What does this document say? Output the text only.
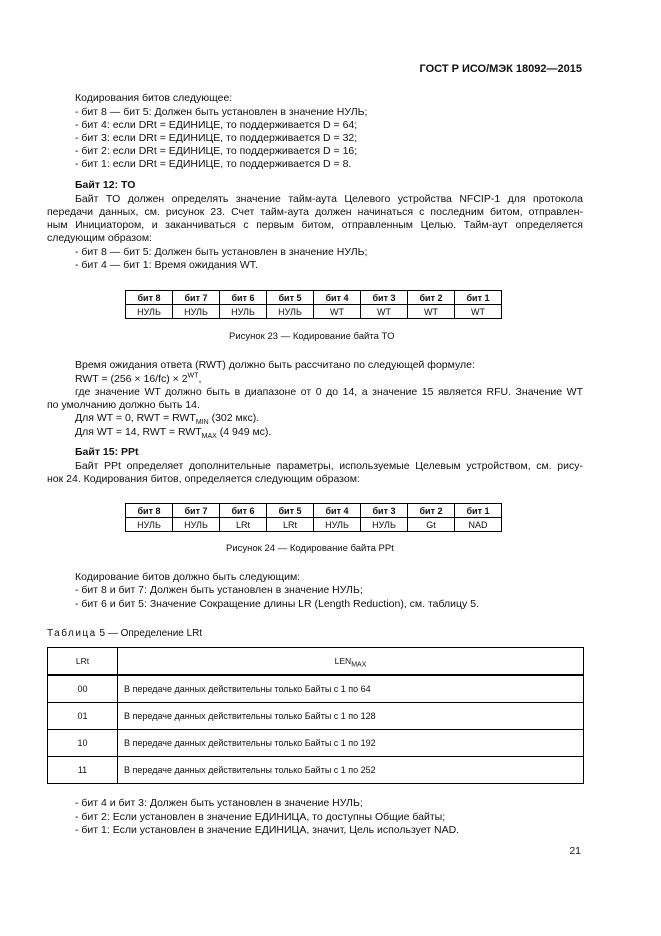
ГОСТ Р ИСО/МЭК 18092—2015
Кодирования битов следующее:
- бит 8 — бит 5: Должен быть установлен в значение НУЛЬ;
- бит 4: если DRt = ЕДИНИЦЕ, то поддерживается D = 64;
- бит 3: если DRt = ЕДИНИЦЕ, то поддерживается D = 32;
- бит 2: если DRt = ЕДИНИЦЕ, то поддерживается D = 16;
- бит 1: если DRt = ЕДИНИЦЕ, то поддерживается D = 8.
Байт 12: TO
Байт TO должен определять значение тайм-аута Целевого устройства NFCIP-1 для протокола
передачи данных, см. рисунок 23. Счет тайм-аута должен начинаться с последним битом, отправлен-
ным Инициатором, и заканчиваться с первым битом, отправленным Целью. Тайм-аут определяется
следующим образом:
- бит 8 — бит 5: Должен быть установлен в значение НУЛЬ;
- бит 4 — бит 1: Время ожидания WT.
бит 8	бит 7	бит 6	бит 5	бит 4	бит 3	бит 2	бит 1
НУЛЬ	НУЛЬ	НУЛЬ	НУЛЬ	WT	WT	WT	WT
Рисунок 23 — Кодирование байта TO
Время ожидания ответа (RWT) должно быть рассчитано по следующей формуле:
RWT = $(256 \times 16/fc) \times 2^{WT}$,
где значение WT должно быть в диапазоне от 0 до 14, а значение 15 является RFU. Значение WT
по умолчанию должно быть 14.
Для WT = 0, RWT = $RWT_{MIN}$ (302 мкс).
Для WT = 14, RWT = $RWT_{MAX}$ (4 949 мс).
Байт 15: PPt
Байт PPt определяет дополнительные параметры, используемые Целевым устройством, см. рису-
нок 24. Кодирования битов, определяется следующим образом:
бит 8	бит 7	бит 6	бит 5	бит 4	бит 3	бит 2	бит 1
НУЛЬ	НУЛЬ	LRt	LRt	НУЛЬ	НУЛЬ	Gt	NAD
Рисунок 24 — Кодирование байта PPt
Кодирование битов должно быть следующим:
- бит 8 и бит 7: Должен быть установлен в значение НУЛЬ;
- бит 6 и бит 5: Значение Сокращение длины LR (Length Reduction), см. таблицу 5.
Таблица 5 — Определение LRt
LRt	$LEN_{MAX}$
00	В передаче данных действительны только Байты с 1 по 64
01	В передаче данных действительны только Байты с 1 по 128
10	В передаче данных действительны только Байты с 1 по 192
11	В передаче данных действительны только Байты с 1 по 252
- бит 4 и бит 3: Должен быть установлен в значение НУЛЬ;
- бит 2: Если установлен в значение ЕДИНИЦА, то доступны Общие байты;
- бит 1: Если установлен в значение ЕДИНИЦА, значит, Цель использует NAD.
21
